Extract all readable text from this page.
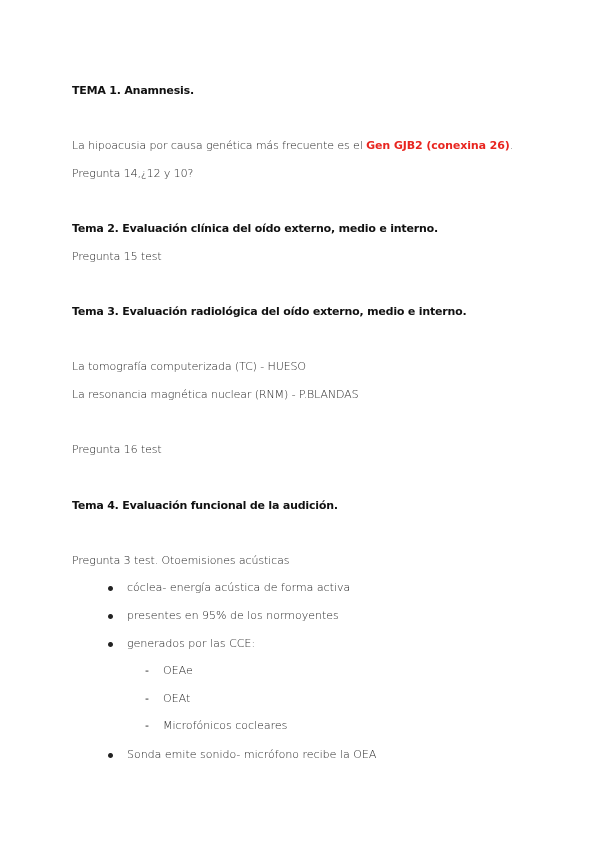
TEMA 1. Anamnesis.
La hipoacusia por causa genética más frecuente es el Gen GJB2 (conexina 26).
Pregunta 14,¿12 y 10?
Tema 2. Evaluación clínica del oído externo, medio e interno.
Pregunta 15 test
Tema 3. Evaluación radiológica del oído externo, medio e interno.
La tomografía computerizada (TC) - HUESO
La resonancia magnética nuclear (RNM) - P.BLANDAS
Pregunta 16 test
Tema 4. Evaluación funcional de la audición.
Pregunta 3 test. Otoemisiones acústicas
cóclea- energía acústica de forma activa
presentes en 95% de los normoyentes
generados por las CCE:
- OEAe
- OEAt
- Microfónicos cocleares
Sonda emite sonido- micrófono recibe la OEA
